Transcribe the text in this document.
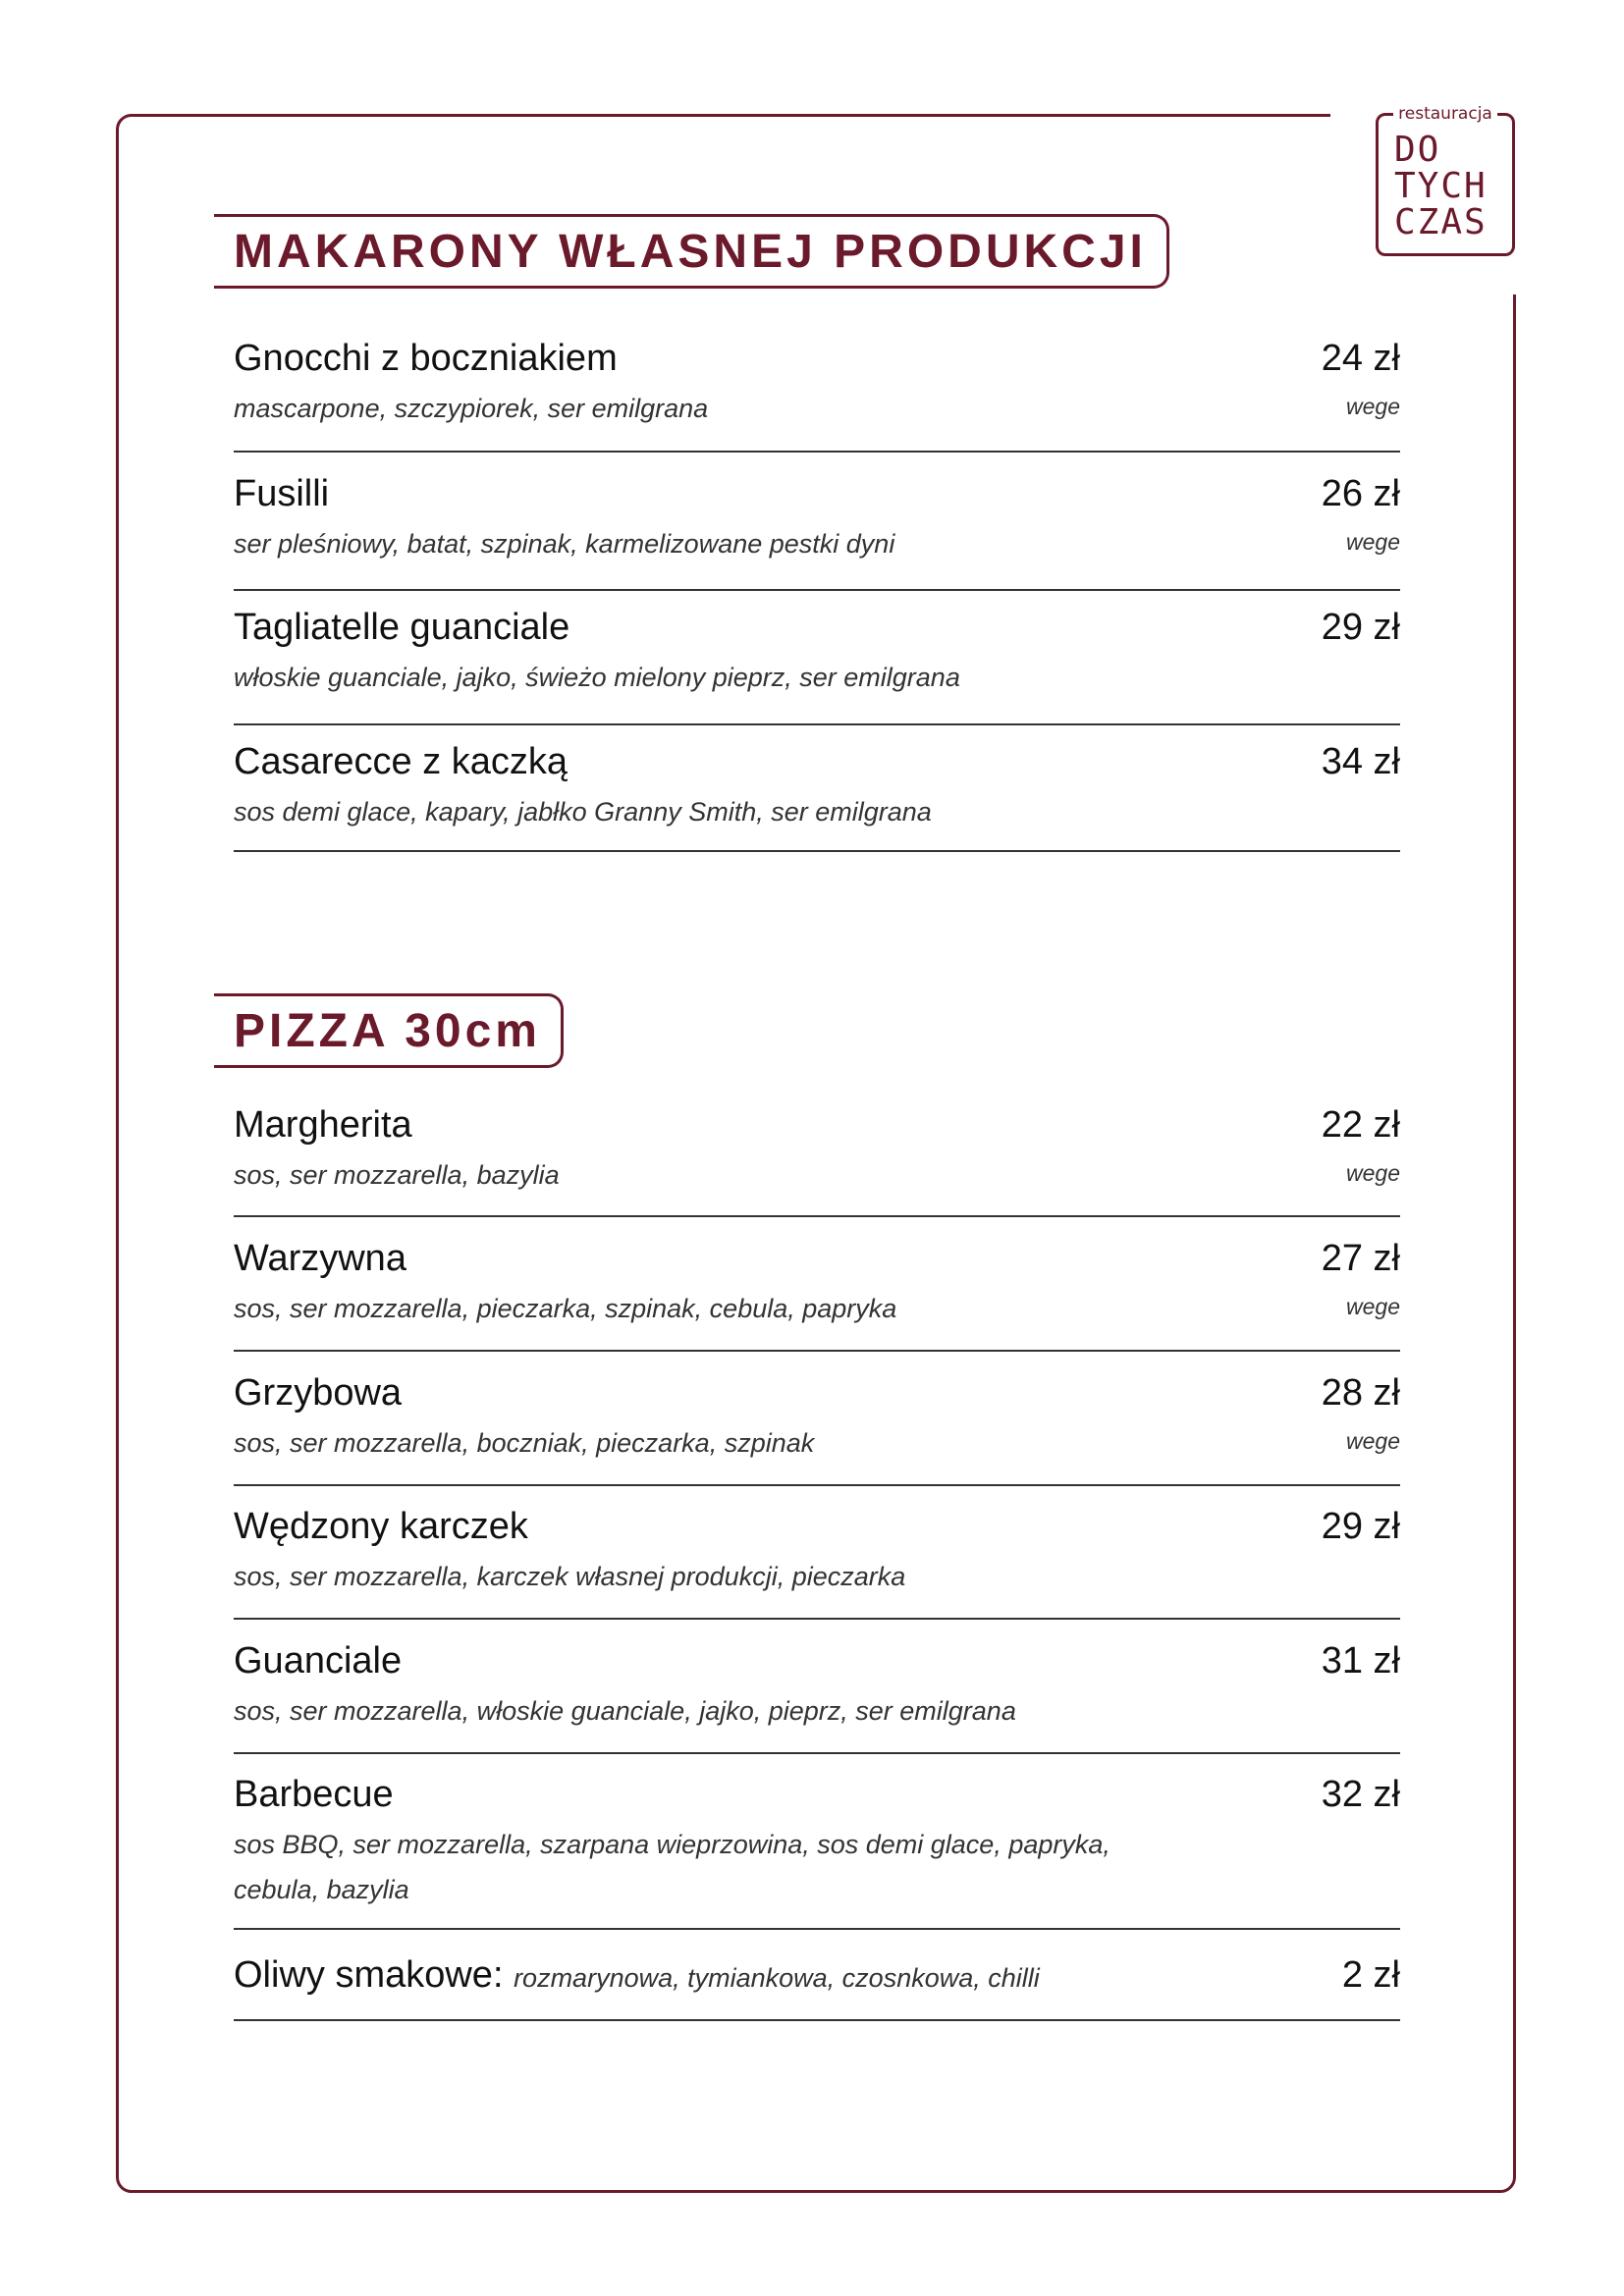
restauracja
DO
TYCH
CZAS
MAKARONY WŁASNEJ PRODUKCJI
Gnocchi z boczniakiem	24 zł
mascarpone, szczypiorek, ser emilgrana	wege
Fusilli	26 zł
ser pleśniowy, batat, szpinak, karmelizowane pestki dyni	wege
Tagliatelle guanciale	29 zł
włoskie guanciale, jajko, świeżo mielony pieprz, ser emilgrana
Casarecce z kaczką	34 zł
sos demi glace, kapary, jabłko Granny Smith, ser emilgrana
PIZZA 30cm
Margherita	22 zł
sos, ser mozzarella, bazylia	wege
Warzywna	27 zł
sos, ser mozzarella, pieczarka, szpinak, cebula, papryka	wege
Grzybowa	28 zł
sos, ser mozzarella, boczniak, pieczarka, szpinak	wege
Wędzony karczek	29 zł
sos, ser mozzarella, karczek własnej produkcji, pieczarka
Guanciale	31 zł
sos, ser mozzarella, włoskie guanciale, jajko, pieprz, ser emilgrana
Barbecue	32 zł
sos BBQ, ser mozzarella, szarpana wieprzowina, sos demi glace, papryka, cebula, bazylia
Oliwy smakowe: rozmarynowa, tymiankowa, czosnkowa, chilli	2 zł
